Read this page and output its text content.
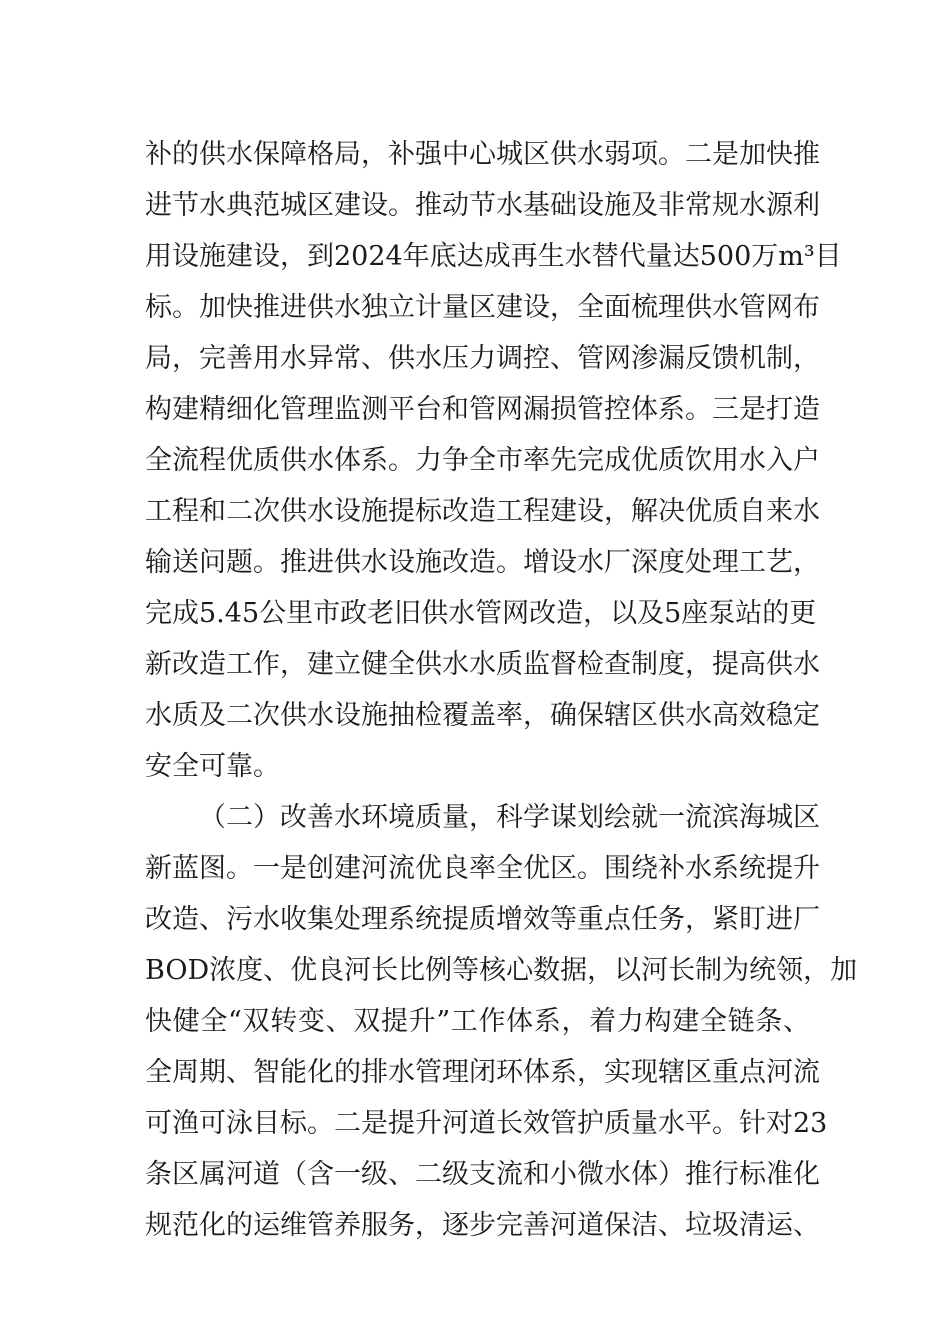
补的供水保障格局，补强中心城区供水弱项。二是加快推
进节水典范城区建设。推动节水基础设施及非常规水源利
用设施建设，到2024年底达成再生水替代量达500万m³目
标。加快推进供水独立计量区建设，全面梳理供水管网布
局，完善用水异常、供水压力调控、管网渗漏反馈机制，
构建精细化管理监测平台和管网漏损管控体系。三是打造
全流程优质供水体系。力争全市率先完成优质饮用水入户
工程和二次供水设施提标改造工程建设，解决优质自来水
输送问题。推进供水设施改造。增设水厂深度处理工艺，
完成5.45公里市政老旧供水管网改造，以及5座泵站的更
新改造工作，建立健全供水水质监督检查制度，提高供水
水质及二次供水设施抽检覆盖率，确保辖区供水高效稳定
安全可靠。
（二）改善水环境质量，科学谋划绘就一流滨海城区
新蓝图。一是创建河流优良率全优区。围绕补水系统提升
改造、污水收集处理系统提质增效等重点任务，紧盯进厂
BOD浓度、优良河长比例等核心数据，以河长制为统领，加
快健全“双转变、双提升”工作体系，着力构建全链条、
全周期、智能化的排水管理闭环体系，实现辖区重点河流
可渔可泳目标。二是提升河道长效管护质量水平。针对23
条区属河道（含一级、二级支流和小微水体）推行标准化
规范化的运维管养服务，逐步完善河道保洁、垃圾清运、
